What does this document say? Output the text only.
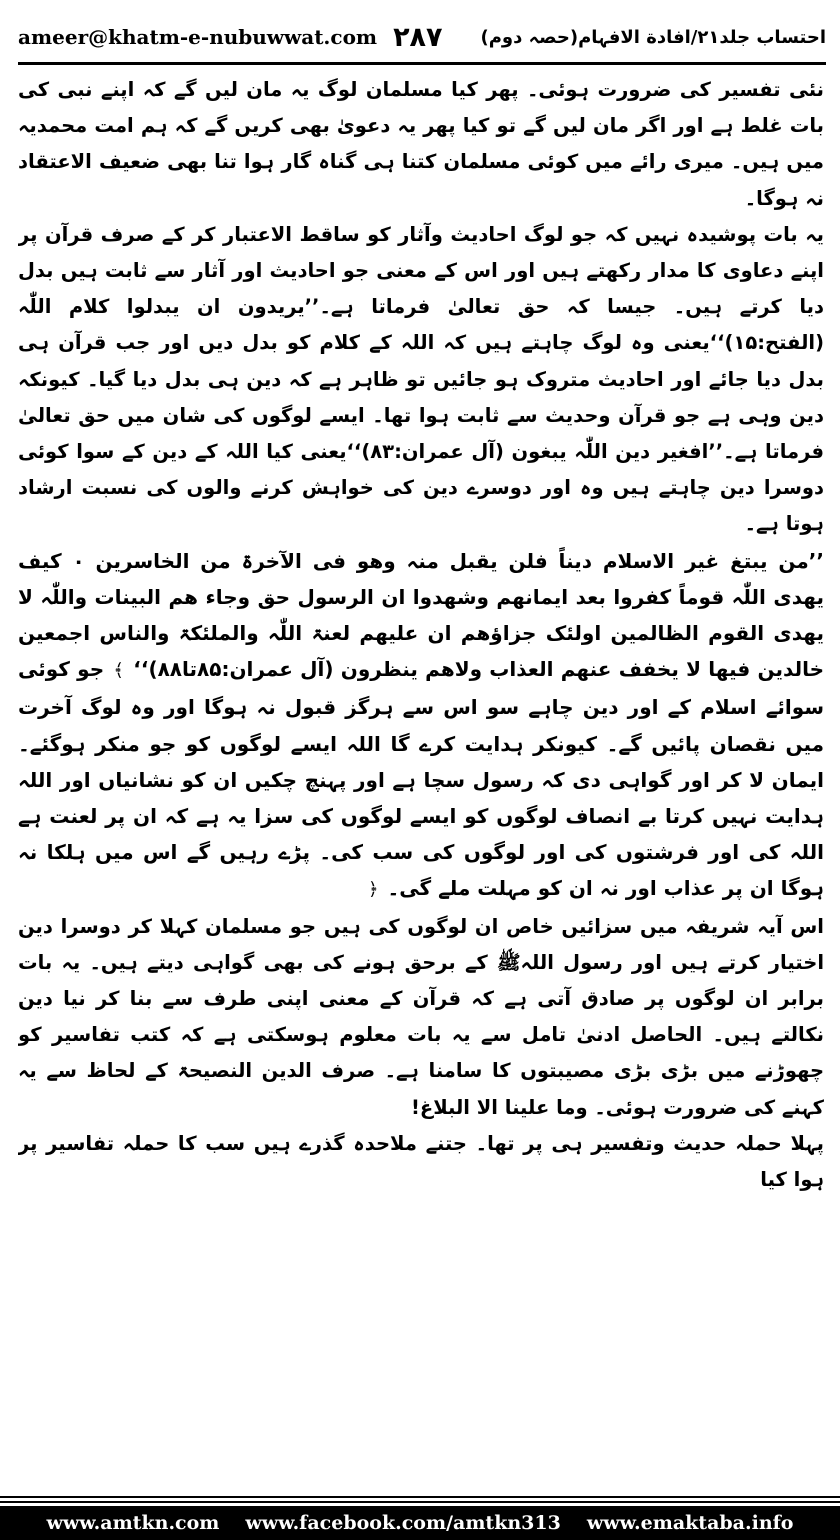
ameer@khatm-e-nubuwwat.com ۲۸۷ احتساب جلد۲۱/افادة الافہام(حصہ دوم)

نئی تفسیر کی ضرورت ہوئی۔ پھر کیا مسلمان لوگ یہ مان لیں گے کہ اپنے نبی کی بات غلط ہے اور اگر مان لیں گے تو کیا پھر یہ دعویٰ بھی کریں گے کہ ہم امت محمدیہ میں ہیں۔ میری رائے میں کوئی مسلمان کتنا ہی گناہ گار ہوا تنا بھی ضعیف الاعتقاد نہ ہوگا۔

یہ بات پوشیدہ نہیں کہ جو لوگ احادیث وآثار کو ساقط الاعتبار کر کے صرف قرآن پر اپنے دعاوی کا مدار رکھتے ہیں اور اس کے معنی جو احادیث اور آثار سے ثابت ہیں بدل دیا کرتے ہیں۔ جیسا کہ حق تعالیٰ فرماتا ہے۔’’یریدون ان یبدلوا کلام اللّٰہ (الفتح:۱۵)‘‘یعنی وہ لوگ چاہتے ہیں کہ اللہ کے کلام کو بدل دیں اور جب قرآن ہی بدل دیا جائے اور احادیث متروک ہو جائیں تو ظاہر ہے کہ دین ہی بدل دیا گیا۔ کیونکہ دین وہی ہے جو قرآن وحدیث سے ثابت ہوا تھا۔ ایسے لوگوں کی شان میں حق تعالیٰ فرماتا ہے۔’’افغیر دین اللّٰہ یبغون (آل عمران:۸۳)‘‘یعنی کیا اللہ کے دین کے سوا کوئی دوسرا دین چاہتے ہیں وہ اور دوسرے دین کی خواہش کرنے والوں کی نسبت ارشاد ہوتا ہے۔

’’من یبتغ غیر الاسلام دیناً فلن یقبل منہ وھو فی الآخرۃ من الخاسرین ۰ کیف یھدی اللّٰہ قوماً کفروا بعد ایمانھم وشھدوا ان الرسول حق وجاء ھم البینات واللّٰہ لا یھدی القوم الظالمین اولئک جزاؤھم ان علیھم لعنۃ اللّٰہ والملئکۃ والناس اجمعین خالدین فیھا لا یخفف عنھم العذاب ولاھم ینظرون (آل عمران:۸۵تا۸۸)‘‘ ﴾ جو کوئی سوائے اسلام کے اور دین چاہے سو اس سے ہرگز قبول نہ ہوگا اور وہ لوگ آخرت میں نقصان پائیں گے۔ کیونکر ہدایت کرے گا اللہ ایسے لوگوں کو جو منکر ہوگئے۔ ایمان لا کر اور گواہی دی کہ رسول سچا ہے اور پہنچ چکیں ان کو نشانیاں اور اللہ ہدایت نہیں کرتا بے انصاف لوگوں کو ایسے لوگوں کی سزا یہ ہے کہ ان پر لعنت ہے اللہ کی اور فرشتوں کی اور لوگوں کی سب کی۔ پڑے رہیں گے اس میں ہلکا نہ ہوگا ان پر عذاب اور نہ ان کو مہلت ملے گی۔ ﴿

اس آیہ شریفہ میں سزائیں خاص ان لوگوں کی ہیں جو مسلمان کہلا کر دوسرا دین اختیار کرتے ہیں اور رسول اللہﷺ کے برحق ہونے کی بھی گواہی دیتے ہیں۔ یہ بات برابر ان لوگوں پر صادق آتی ہے کہ قرآن کے معنی اپنی طرف سے بنا کر نیا دین نکالتے ہیں۔ الحاصل ادنیٰ تامل سے یہ بات معلوم ہوسکتی ہے کہ کتب تفاسیر کو چھوڑنے میں بڑی بڑی مصیبتوں کا سامنا ہے۔ صرف الدین النصیحۃ کے لحاظ سے یہ کہنے کی ضرورت ہوئی۔ وما علینا الا البلاغ!

پہلا حملہ حدیث وتفسیر ہی پر تھا۔ جتنے ملاحدہ گذرے ہیں سب کا حملہ تفاسیر پر ہوا کیا

www.amtkn.com www.facebook.com/amtkn313 www.emaktaba.info
